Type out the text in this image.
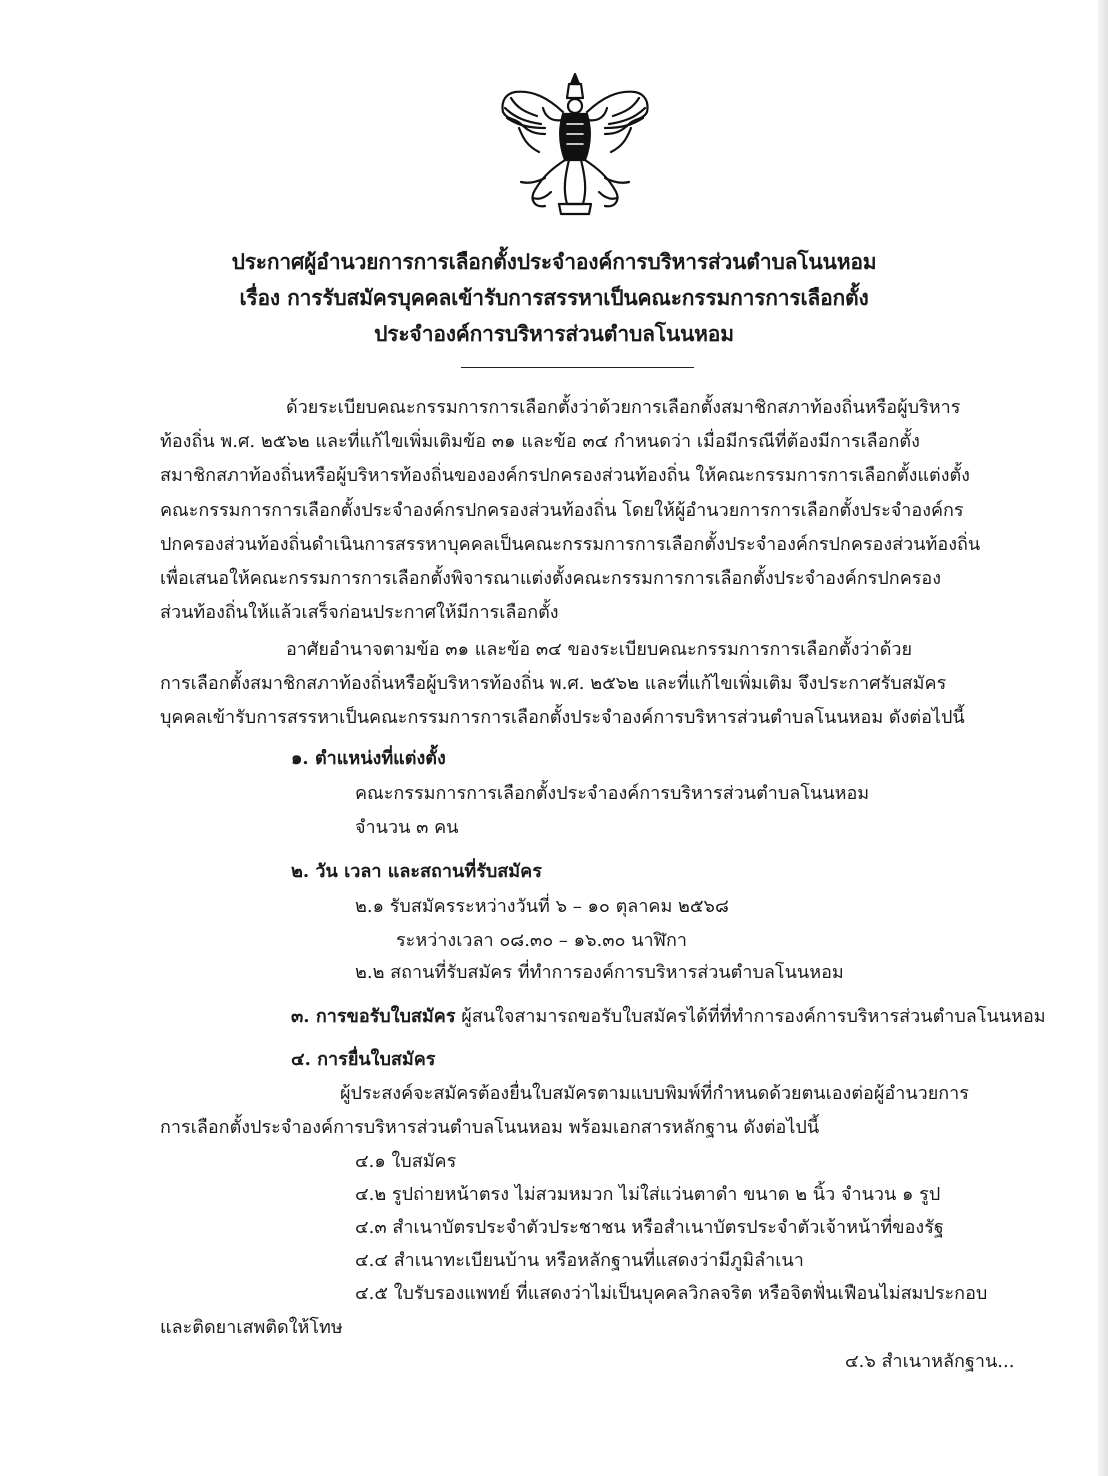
ประกาศผู้อำนวยการการเลือกตั้งประจำองค์การบริหารส่วนตำบลโนนหอม
เรื่อง การรับสมัครบุคคลเข้ารับการสรรหาเป็นคณะกรรมการการเลือกตั้ง
ประจำองค์การบริหารส่วนตำบลโนนหอม
ด้วยระเบียบคณะกรรมการการเลือกตั้งว่าด้วยการเลือกตั้งสมาชิกสภาท้องถิ่นหรือผู้บริหาร
ท้องถิ่น พ.ศ. ๒๕๖๒ และที่แก้ไขเพิ่มเติมข้อ ๓๑ และข้อ ๓๔ กำหนดว่า เมื่อมีกรณีที่ต้องมีการเลือกตั้ง
สมาชิกสภาท้องถิ่นหรือผู้บริหารท้องถิ่นขององค์กรปกครองส่วนท้องถิ่น ให้คณะกรรมการการเลือกตั้งแต่งตั้ง
คณะกรรมการการเลือกตั้งประจำองค์กรปกครองส่วนท้องถิ่น โดยให้ผู้อำนวยการการเลือกตั้งประจำองค์กร
ปกครองส่วนท้องถิ่นดำเนินการสรรหาบุคคลเป็นคณะกรรมการการเลือกตั้งประจำองค์กรปกครองส่วนท้องถิ่น
เพื่อเสนอให้คณะกรรมการการเลือกตั้งพิจารณาแต่งตั้งคณะกรรมการการเลือกตั้งประจำองค์กรปกครอง
ส่วนท้องถิ่นให้แล้วเสร็จก่อนประกาศให้มีการเลือกตั้ง
อาศัยอำนาจตามข้อ ๓๑ และข้อ ๓๔ ของระเบียบคณะกรรมการการเลือกตั้งว่าด้วย
การเลือกตั้งสมาชิกสภาท้องถิ่นหรือผู้บริหารท้องถิ่น พ.ศ. ๒๕๖๒ และที่แก้ไขเพิ่มเติม จึงประกาศรับสมัคร
บุคคลเข้ารับการสรรหาเป็นคณะกรรมการการเลือกตั้งประจำองค์การบริหารส่วนตำบลโนนหอม ดังต่อไปนี้
๑. ตำแหน่งที่แต่งตั้ง
คณะกรรมการการเลือกตั้งประจำองค์การบริหารส่วนตำบลโนนหอม
จำนวน ๓ คน
๒. วัน เวลา และสถานที่รับสมัคร
๒.๑ รับสมัครระหว่างวันที่ ๖ – ๑๐ ตุลาคม ๒๕๖๘
ระหว่างเวลา ๐๘.๓๐ – ๑๖.๓๐ นาฬิกา
๒.๒ สถานที่รับสมัคร ที่ทำการองค์การบริหารส่วนตำบลโนนหอม
๓. การขอรับใบสมัคร ผู้สนใจสามารถขอรับใบสมัครได้ที่ที่ทำการองค์การบริหารส่วนตำบลโนนหอม
๔. การยื่นใบสมัคร
ผู้ประสงค์จะสมัครต้องยื่นใบสมัครตามแบบพิมพ์ที่กำหนดด้วยตนเองต่อผู้อำนวยการ
การเลือกตั้งประจำองค์การบริหารส่วนตำบลโนนหอม พร้อมเอกสารหลักฐาน ดังต่อไปนี้
๔.๑ ใบสมัคร
๔.๒ รูปถ่ายหน้าตรง ไม่สวมหมวก ไม่ใส่แว่นตาดำ ขนาด ๒ นิ้ว จำนวน ๑ รูป
๔.๓ สำเนาบัตรประจำตัวประชาชน หรือสำเนาบัตรประจำตัวเจ้าหน้าที่ของรัฐ
๔.๔ สำเนาทะเบียนบ้าน หรือหลักฐานที่แสดงว่ามีภูมิลำเนา
๔.๕ ใบรับรองแพทย์ ที่แสดงว่าไม่เป็นบุคคลวิกลจริต หรือจิตฟั่นเฟือนไม่สมประกอบ
และติดยาเสพติดให้โทษ
๔.๖ สำเนาหลักฐาน...
